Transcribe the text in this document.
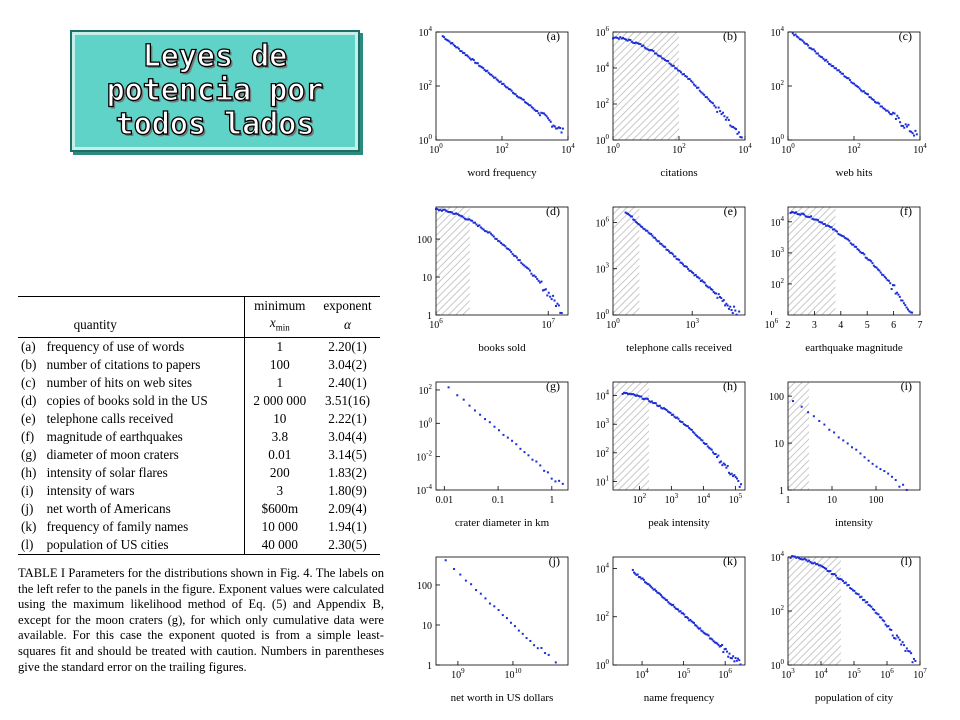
Leyes de potencia por todos lados
		minimum	exponent
	quantity	$x_{min}$	α
(a)	frequency of use of words	1	2.20(1)
(b)	number of citations to papers	100	3.04(2)
(c)	number of hits on web sites	1	2.40(1)
(d)	copies of books sold in the US	2 000 000	3.51(16)
(e)	telephone calls received	10	2.22(1)
(f)	magnitude of earthquakes	3.8	3.04(4)
(g)	diameter of moon craters	0.01	3.14(5)
(h)	intensity of solar flares	200	1.83(2)
(i)	intensity of wars	3	1.80(9)
(j)	net worth of Americans	$600m	2.09(4)
(k)	frequency of family names	10 000	1.94(1)
(l)	population of US cities	40 000	2.30(5)
TABLE I Parameters for the distributions shown in Fig. 4. The labels on the left refer to the panels in the figure. Exponent values were calculated using the maximum likelihood method of Eq. (5) and Appendix B, except for the moon craters (g), for which only cumulative data were available. For this case the exponent quoted is from a simple least-squares fit and should be treated with caution. Numbers in parentheses give the standard error on the trailing figures.
$10^0$	$10^2$	$10^4$
$10^0$
$10^2$
$10^4$	(a)
word frequency
$10^0$	$10^2$	$10^4$
$10^0$
$10^2$
$10^4$
$10^6$	(b)
citations
$10^0$	$10^2$	$10^4$
$10^0$
$10^2$
$10^4$	(c)
web hits
$10^6$	$10^7$
1
10
100
(d)
books sold
$10^0$	$10^3$	$10^6$
$10^0$
$10^3$
$10^6$
(e)
telephone calls received
2 3 4 5 6 7
$10^2$
$10^3$
$10^4$
(f)
earthquake magnitude
0.01	0.1	1
$10^{-4}$
$10^{-2}$
$10^0$
$10^2$	(g)
crater diameter in km
$10^2$ $10^3$ $10^4$ $10^5$
$10^1$
$10^2$
$10^3$
$10^4$	(h)
peak intensity
1	10	100
1
10
100
(i)
intensity
$10^9$	$10^{10}$
1
10
100
(j)
net worth in US dollars
$10^4$	$10^5$	$10^6$
$10^0$
$10^2$
$10^4$	(k)
name frequency
$10^3$ $10^4$ $10^5$ $10^6$ $10^7$
$10^0$
$10^2$
$10^4$	(l)
population of city
